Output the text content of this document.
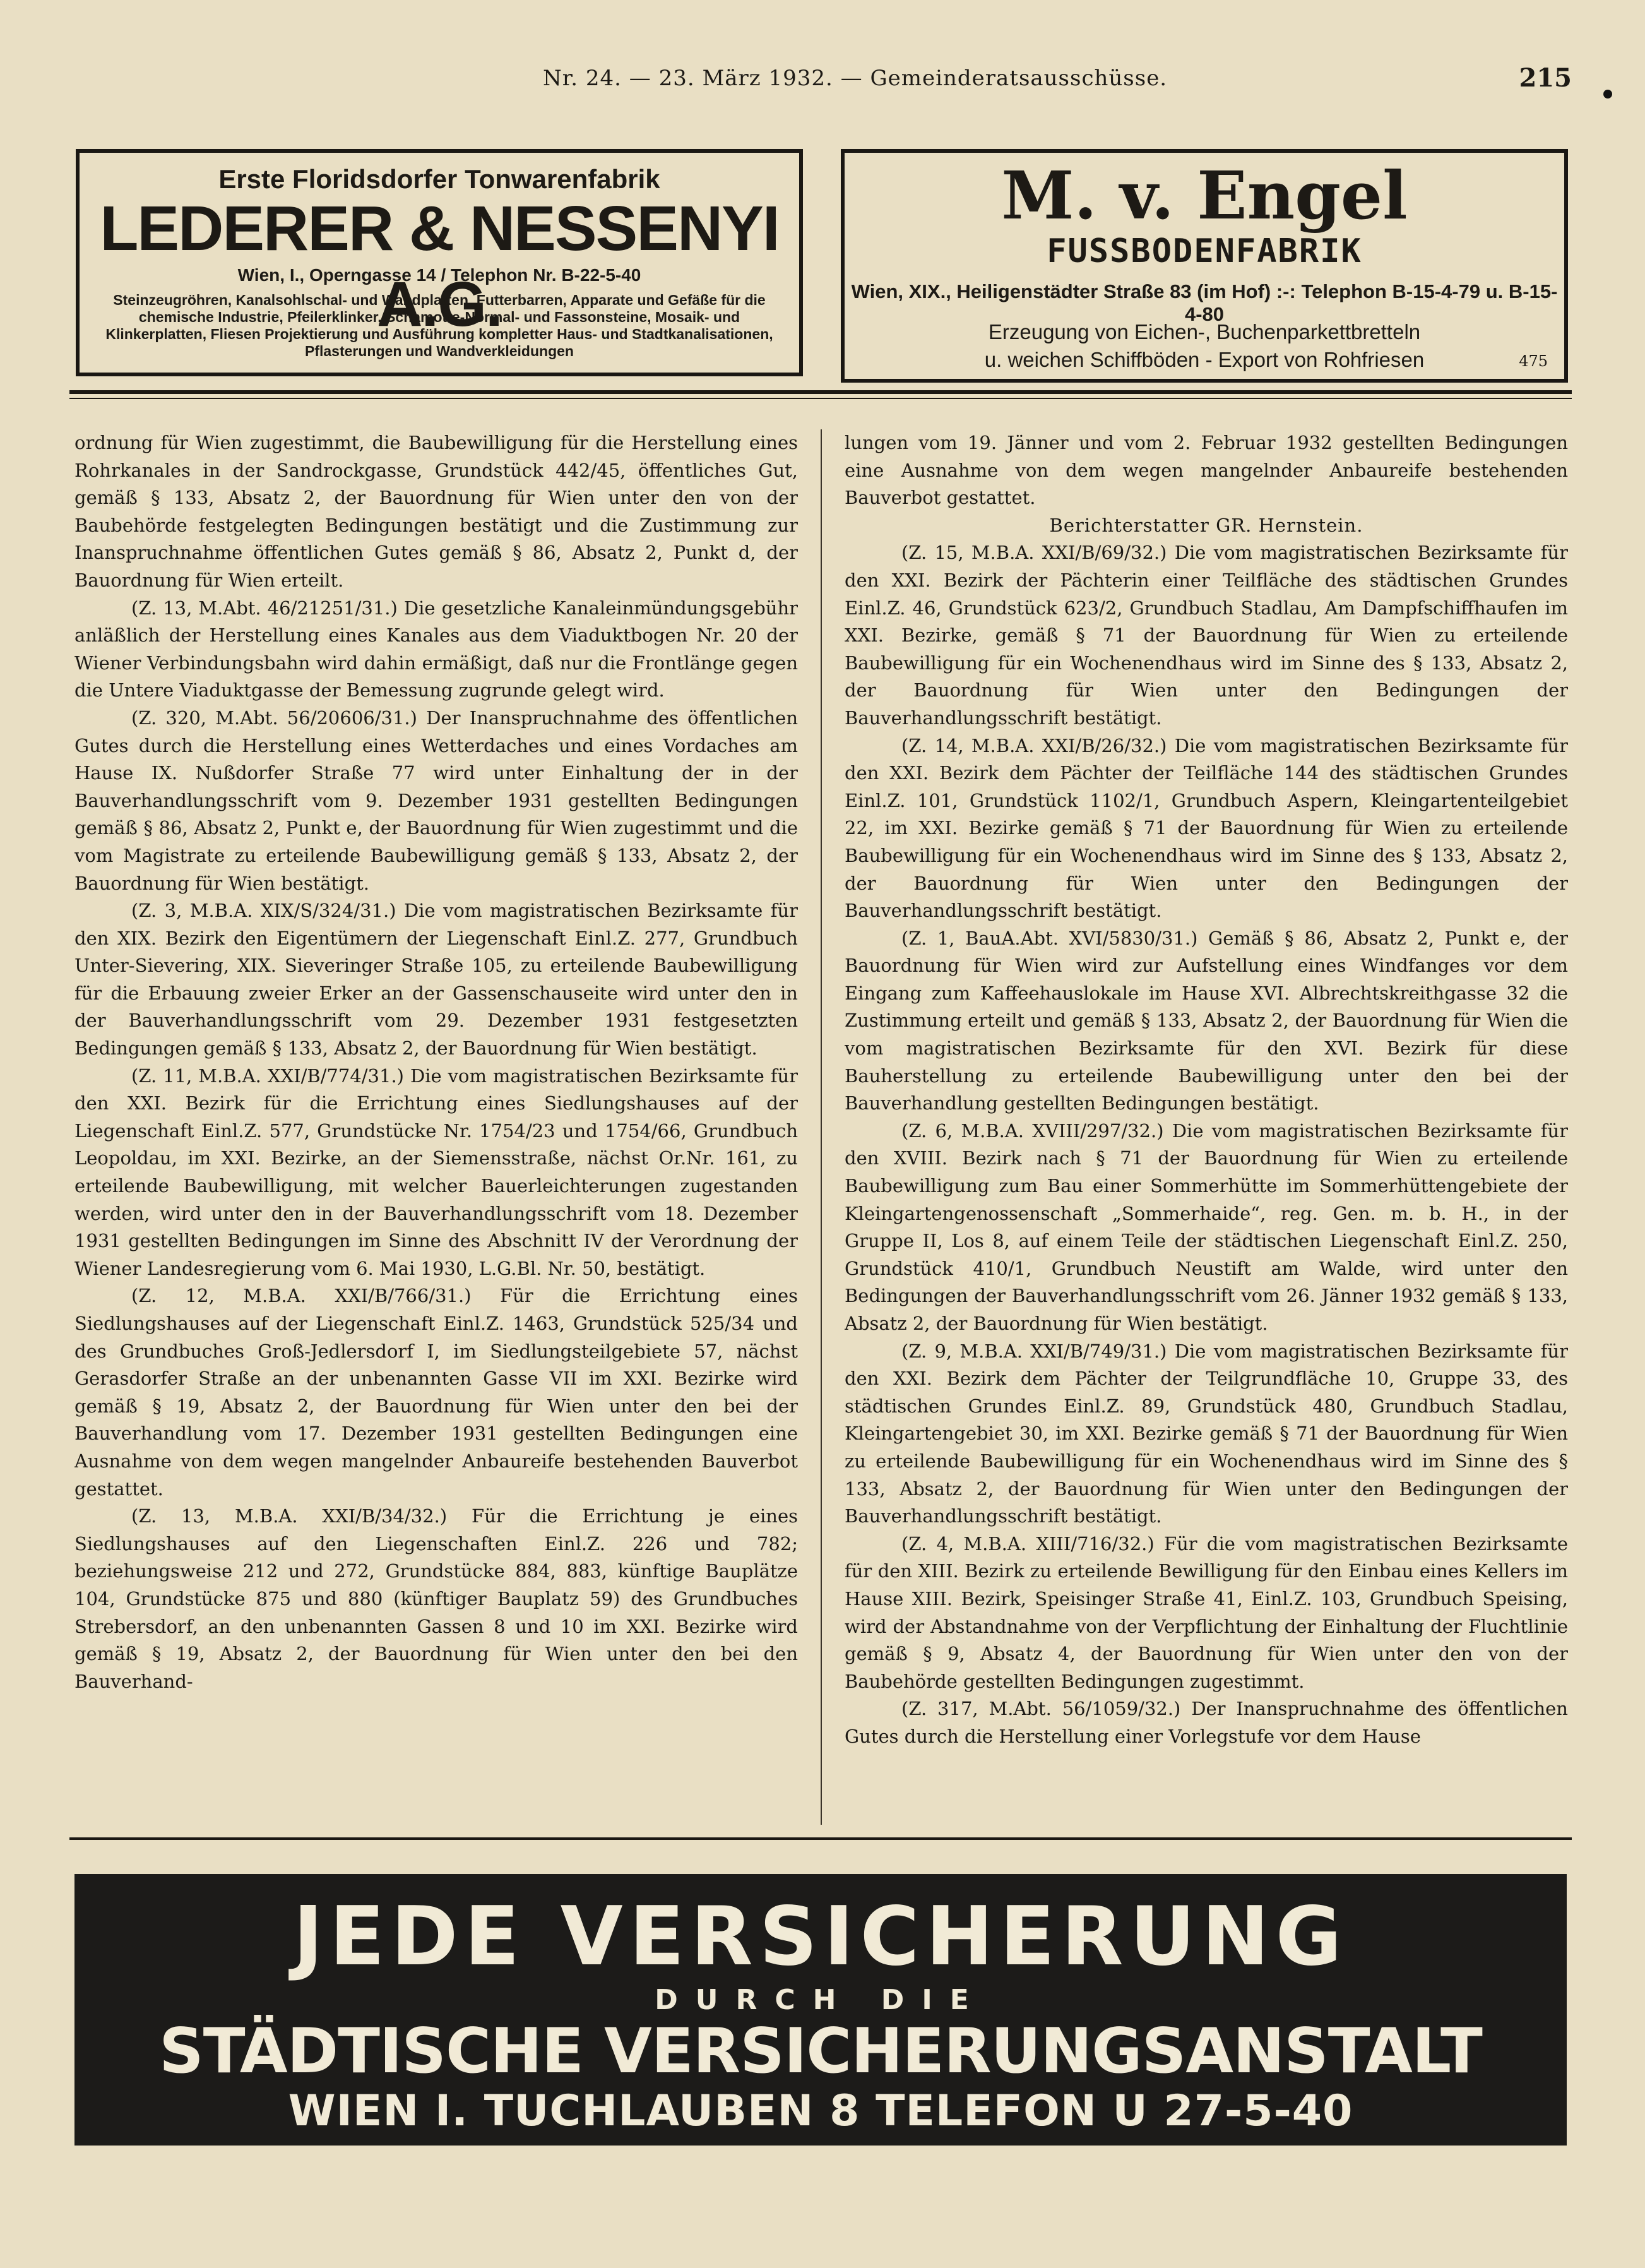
Nr. 24. — 23. März 1932. — Gemeinderatsausschüsse.	215
Erste Floridsdorfer Tonwarenfabrik
LEDERER & NESSENYI A.G.
Wien, I., Operngasse 14 / Telephon Nr. B-22-5-40
Steinzeugröhren, Kanalsohlschal- und Wandplatten, Futterbarren, Apparate und Gefäße für die chemische Industrie, Pfeilerklinker, Schamotte-Normal- und Fassonsteine, Mosaik- und Klinkerplatten, Fliesen Projektierung und Ausführung kompletter Haus- und Stadtkanalisationen, Pflasterungen und Wandverkleidungen
M. v. Engel
FUSSBODENFABRIK
Wien, XIX., Heiligenstädter Straße 83 (im Hof) :-: Telephon B-15-4-79 u. B-15-4-80
Erzeugung von Eichen-, Buchenparkettbretteln
u. weichen Schiffböden - Export von Rohfriesen	475

ordnung für Wien zugestimmt, die Baubewilligung für die Herstellung eines Rohrkanales in der Sandrockgasse, Grundstück 442/45, öffentliches Gut, gemäß § 133, Absatz 2, der Bauordnung für Wien unter den von der Baubehörde festgelegten Bedingungen bestätigt und die Zustimmung zur Inanspruchnahme öffentlichen Gutes gemäß § 86, Absatz 2, Punkt d, der Bauordnung für Wien erteilt.

(Z. 13, M.Abt. 46/21251/31.) Die gesetzliche Kanaleinmündungsgebühr anläßlich der Herstellung eines Kanales aus dem Viaduktbogen Nr. 20 der Wiener Verbindungsbahn wird dahin ermäßigt, daß nur die Frontlänge gegen die Untere Viaduktgasse der Bemessung zugrunde gelegt wird.

(Z. 320, M.Abt. 56/20606/31.) Der Inanspruchnahme des öffentlichen Gutes durch die Herstellung eines Wetterdaches und eines Vordaches am Hause IX. Nußdorfer Straße 77 wird unter Einhaltung der in der Bauverhandlungsschrift vom 9. Dezember 1931 gestellten Bedingungen gemäß § 86, Absatz 2, Punkt e, der Bauordnung für Wien zugestimmt und die vom Magistrate zu erteilende Baubewilligung gemäß § 133, Absatz 2, der Bauordnung für Wien bestätigt.

(Z. 3, M.B.A. XIX/S/324/31.) Die vom magistratischen Bezirksamte für den XIX. Bezirk den Eigentümern der Liegenschaft Einl.Z. 277, Grundbuch Unter-Sievering, XIX. Sieveringer Straße 105, zu erteilende Baubewilligung für die Erbauung zweier Erker an der Gassenschauseite wird unter den in der Bauverhandlungsschrift vom 29. Dezember 1931 festgesetzten Bedingungen gemäß § 133, Absatz 2, der Bauordnung für Wien bestätigt.

(Z. 11, M.B.A. XXI/B/774/31.) Die vom magistratischen Bezirksamte für den XXI. Bezirk für die Errichtung eines Siedlungshauses auf der Liegenschaft Einl.Z. 577, Grundstücke Nr. 1754/23 und 1754/66, Grundbuch Leopoldau, im XXI. Bezirke, an der Siemensstraße, nächst Or.Nr. 161, zu erteilende Baubewilligung, mit welcher Bauerleichterungen zugestanden werden, wird unter den in der Bauverhandlungsschrift vom 18. Dezember 1931 gestellten Bedingungen im Sinne des Abschnitt IV der Verordnung der Wiener Landesregierung vom 6. Mai 1930, L.G.Bl. Nr. 50, bestätigt.

(Z. 12, M.B.A. XXI/B/766/31.) Für die Errichtung eines Siedlungshauses auf der Liegenschaft Einl.Z. 1463, Grundstück 525/34 und des Grundbuches Groß-Jedlersdorf I, im Siedlungsteilgebiete 57, nächst Gerasdorfer Straße an der unbenannten Gasse VII im XXI. Bezirke wird gemäß § 19, Absatz 2, der Bauordnung für Wien unter den bei der Bauverhandlung vom 17. Dezember 1931 gestellten Bedingungen eine Ausnahme von dem wegen mangelnder Anbaureife bestehenden Bauverbot gestattet.

(Z. 13, M.B.A. XXI/B/34/32.) Für die Errichtung je eines Siedlungshauses auf den Liegenschaften Einl.Z. 226 und 782; beziehungsweise 212 und 272, Grundstücke 884, 883, künftige Bauplätze 104, Grundstücke 875 und 880 (künftiger Bauplatz 59) des Grundbuches Strebersdorf, an den unbenannten Gassen 8 und 10 im XXI. Bezirke wird gemäß § 19, Absatz 2, der Bauordnung für Wien unter den bei den Bauverhand-

lungen vom 19. Jänner und vom 2. Februar 1932 gestellten Bedingungen eine Ausnahme von dem wegen mangelnder Anbaureife bestehenden Bauverbot gestattet.

Berichterstatter GR. Hernstein.

(Z. 15, M.B.A. XXI/B/69/32.) Die vom magistratischen Bezirksamte für den XXI. Bezirk der Pächterin einer Teilfläche des städtischen Grundes Einl.Z. 46, Grundstück 623/2, Grundbuch Stadlau, Am Dampfschiffhaufen im XXI. Bezirke, gemäß § 71 der Bauordnung für Wien zu erteilende Baubewilligung für ein Wochenendhaus wird im Sinne des § 133, Absatz 2, der Bauordnung für Wien unter den Bedingungen der Bauverhandlungsschrift bestätigt.

(Z. 14, M.B.A. XXI/B/26/32.) Die vom magistratischen Bezirksamte für den XXI. Bezirk dem Pächter der Teilfläche 144 des städtischen Grundes Einl.Z. 101, Grundstück 1102/1, Grundbuch Aspern, Kleingartenteilgebiet 22, im XXI. Bezirke gemäß § 71 der Bauordnung für Wien zu erteilende Baubewilligung für ein Wochenendhaus wird im Sinne des § 133, Absatz 2, der Bauordnung für Wien unter den Bedingungen der Bauverhandlungsschrift bestätigt.

(Z. 1, BauA.Abt. XVI/5830/31.) Gemäß § 86, Absatz 2, Punkt e, der Bauordnung für Wien wird zur Aufstellung eines Windfanges vor dem Eingang zum Kaffeehauslokale im Hause XVI. Albrechtskreithgasse 32 die Zustimmung erteilt und gemäß § 133, Absatz 2, der Bauordnung für Wien die vom magistratischen Bezirksamte für den XVI. Bezirk für diese Bauherstellung zu erteilende Baubewilligung unter den bei der Bauverhandlung gestellten Bedingungen bestätigt.

(Z. 6, M.B.A. XVIII/297/32.) Die vom magistratischen Bezirksamte für den XVIII. Bezirk nach § 71 der Bauordnung für Wien zu erteilende Baubewilligung zum Bau einer Sommerhütte im Sommerhüttengebiete der Kleingartengenossenschaft „Sommerhaide“, reg. Gen. m. b. H., in der Gruppe II, Los 8, auf einem Teile der städtischen Liegenschaft Einl.Z. 250, Grundstück 410/1, Grundbuch Neustift am Walde, wird unter den Bedingungen der Bauverhandlungsschrift vom 26. Jänner 1932 gemäß § 133, Absatz 2, der Bauordnung für Wien bestätigt.

(Z. 9, M.B.A. XXI/B/749/31.) Die vom magistratischen Bezirksamte für den XXI. Bezirk dem Pächter der Teilgrundfläche 10, Gruppe 33, des städtischen Grundes Einl.Z. 89, Grundstück 480, Grundbuch Stadlau, Kleingartengebiet 30, im XXI. Bezirke gemäß § 71 der Bauordnung für Wien zu erteilende Baubewilligung für ein Wochenendhaus wird im Sinne des § 133, Absatz 2, der Bauordnung für Wien unter den Bedingungen der Bauverhandlungsschrift bestätigt.

(Z. 4, M.B.A. XIII/716/32.) Für die vom magistratischen Bezirksamte für den XIII. Bezirk zu erteilende Bewilligung für den Einbau eines Kellers im Hause XIII. Bezirk, Speisinger Straße 41, Einl.Z. 103, Grundbuch Speising, wird der Abstandnahme von der Verpflichtung der Einhaltung der Fluchtlinie gemäß § 9, Absatz 4, der Bauordnung für Wien unter den von der Baubehörde gestellten Bedingungen zugestimmt.

(Z. 317, M.Abt. 56/1059/32.) Der Inanspruchnahme des öffentlichen Gutes durch die Herstellung einer Vorlegstufe vor dem Hause

JEDE VERSICHERUNG
DURCH DIE
STÄDTISCHE VERSICHERUNGSANSTALT
WIEN I. TUCHLAUBEN 8 TELEFON U 27-5-40
